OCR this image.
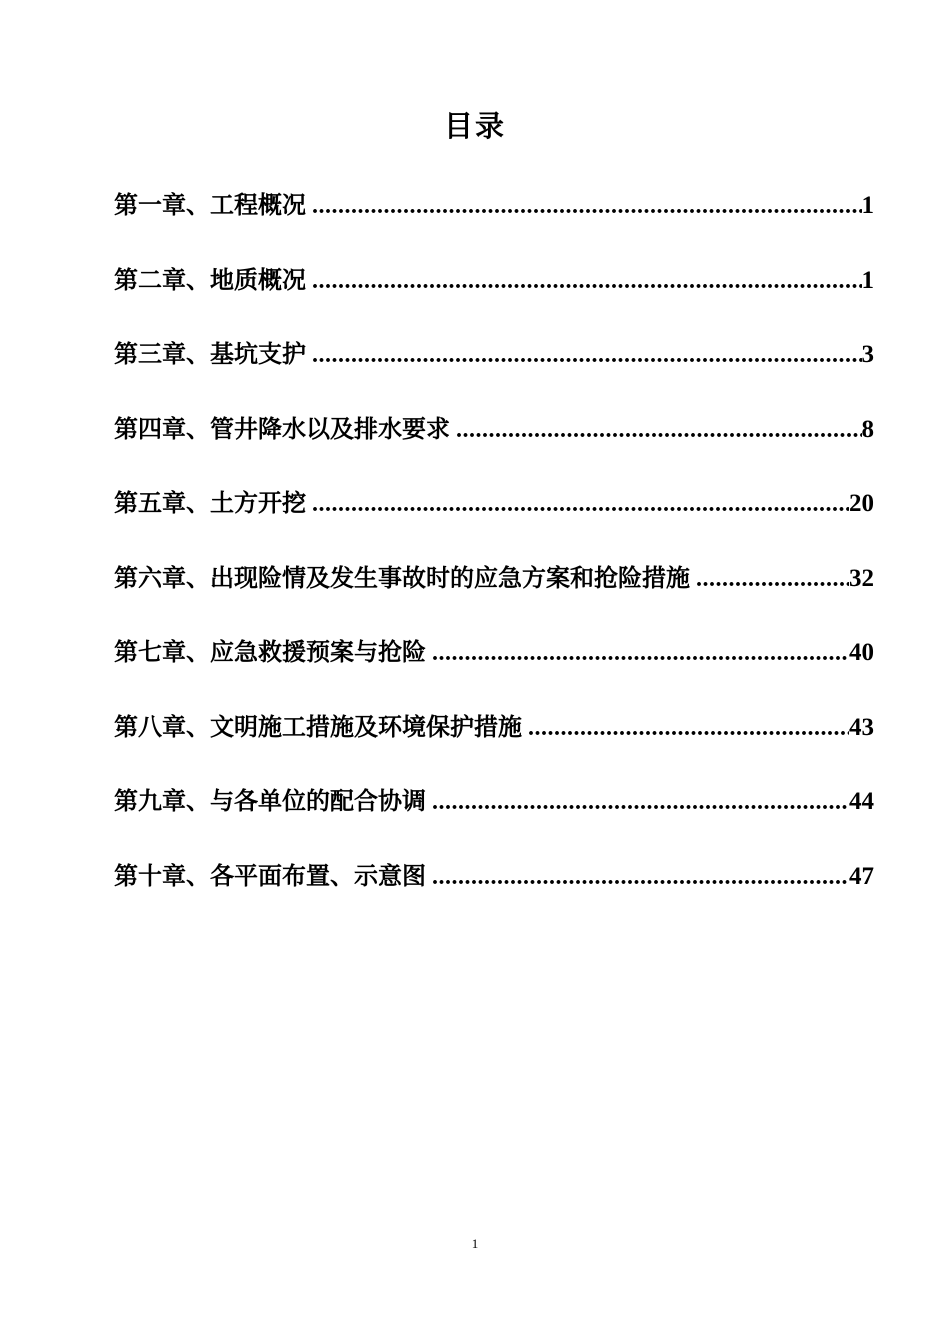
目录
第一章、工程概况 .....	1
第二章、地质概况 .....	1
第三章、基坑支护 .....	3
第四章、管井降水以及排水要求 .....	8
第五章、土方开挖 .....	20
第六章、出现险情及发生事故时的应急方案和抢险措施 .....	32
第七章、应急救援预案与抢险 .....	40
第八章、文明施工措施及环境保护措施 .....	43
第九章、与各单位的配合协调 .....	44
第十章、各平面布置、示意图 .....	47
1
